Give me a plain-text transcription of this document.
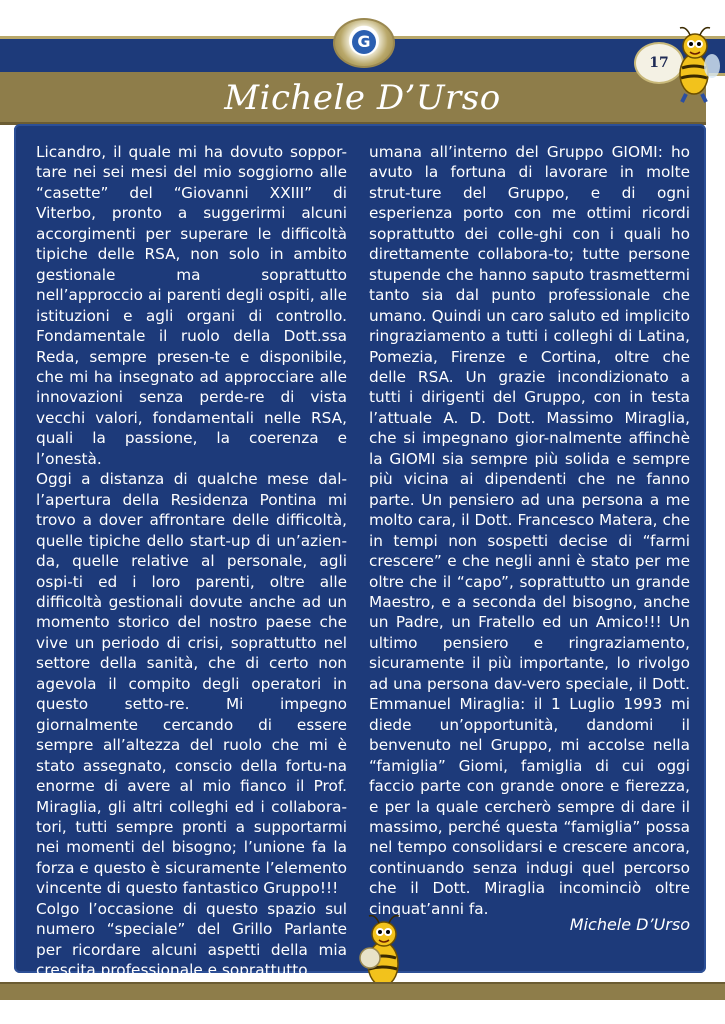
G
Michele D’Urso
17

Licandro, il quale mi ha dovuto soppor-tare nei sei mesi del mio soggiorno alle “casette” del “Giovanni XXIII” di Viterbo, pronto a suggerirmi alcuni accorgimenti per superare le difficoltà tipiche delle RSA, non solo in ambito gestionale ma soprattutto nell’approccio ai parenti degli ospiti, alle istituzioni e agli organi di controllo. Fondamentale il ruolo della Dott.ssa Reda, sempre presen-te e disponibile, che mi ha insegnato ad approcciare alle innovazioni senza perde-re di vista vecchi valori, fondamentali nelle RSA, quali la passione, la coerenza e l’onestà.

Oggi a distanza di qualche mese dal-l’apertura della Residenza Pontina mi trovo a dover affrontare delle difficoltà, quelle tipiche dello start-up di un’azien-da, quelle relative al personale, agli ospi-ti ed i loro parenti, oltre alle difficoltà gestionali dovute anche ad un momento storico del nostro paese che vive un periodo di crisi, soprattutto nel settore della sanità, che di certo non agevola il compito degli operatori in questo setto-re. Mi impegno giornalmente cercando di essere sempre all’altezza del ruolo che mi è stato assegnato, conscio della fortu-na enorme di avere al mio fianco il Prof. Miraglia, gli altri colleghi ed i collabora-tori, tutti sempre pronti a supportarmi nei momenti del bisogno; l’unione fa la forza e questo è sicuramente l’elemento vincente di questo fantastico Gruppo!!!

Colgo l’occasione di questo spazio sul numero “speciale” del Grillo Parlante per ricordare alcuni aspetti della mia crescita professionale e soprattutto

umana all’interno del Gruppo GIOMI: ho avuto la fortuna di lavorare in molte strut-ture del Gruppo, e di ogni esperienza porto con me ottimi ricordi soprattutto dei colle-ghi con i quali ho direttamente collabora-to; tutte persone stupende che hanno saputo trasmettermi tanto sia dal punto professionale che umano. Quindi un caro saluto ed implicito ringraziamento a tutti i colleghi di Latina, Pomezia, Firenze e Cortina, oltre che delle RSA. Un grazie incondizionato a tutti i dirigenti del Gruppo, con in testa l’attuale A. D. Dott. Massimo Miraglia, che si impegnano gior-nalmente affinchè la GIOMI sia sempre più solida e sempre più vicina ai dipendenti che ne fanno parte. Un pensiero ad una persona a me molto cara, il Dott. Francesco Matera, che in tempi non sospetti decise di “farmi crescere” e che negli anni è stato per me oltre che il “capo”, soprattutto un grande Maestro, e a seconda del bisogno, anche un Padre, un Fratello ed un Amico!!! Un ultimo pensiero e ringraziamento, sicuramente il più importante, lo rivolgo ad una persona dav-vero speciale, il Dott. Emmanuel Miraglia: il 1 Luglio 1993 mi diede un’opportunità, dandomi il benvenuto nel Gruppo, mi accolse nella “famiglia” Giomi, famiglia di cui oggi faccio parte con grande onore e fierezza, e per la quale cercherò sempre di dare il massimo, perché questa “famiglia” possa nel tempo consolidarsi e crescere ancora, continuando senza indugi quel percorso che il Dott. Miraglia incominciò oltre cinquat’anni fa.

Michele D’Urso
